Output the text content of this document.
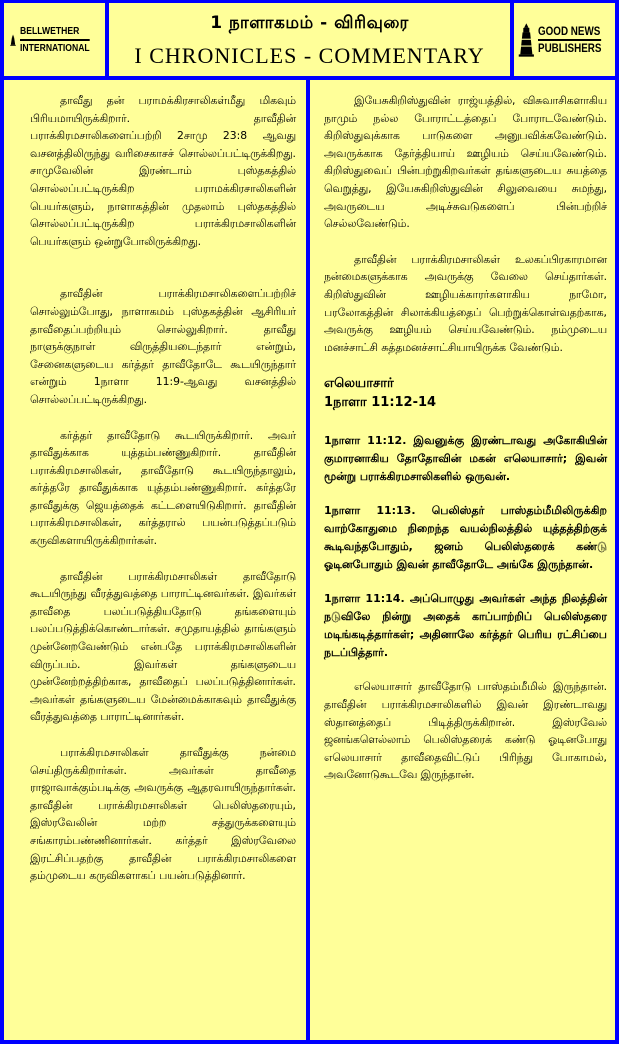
BELLWETHER
INTERNATIONAL
1 நாளாகமம் - விரிவுரை
I CHRONICLES - COMMENTARY
GOOD NEWS
PUBLISHERS

தாவீது தன் பராமக்கிரசாலிகள்மீது மிகவும் பிரியமாயிருக்கிறார். தாவீதின் பராக்கிரமசாலிகளைப்பற்றி 2சாமு 23:8 ஆவது வசனத்திலிருந்து வரிசைகாசச் சொல்லப்பட்டிருக்கிறது. சாமுவேலின் இரண்டாம் புஸ்தகத்தில் சொல்லப்பட்டிருக்கிற பராமக்கிரசாலிகளின் பெயர்களும், நாளாகத்தின் முதலாம் புஸ்தகத்தில் சொல்லப்பட்டிருக்கிற பராக்கிரமசாலிகளின் பெயர்களும் ஒன்றுபோலிருக்கிறது.

தாவீதின் பராக்கிரமசாலிகளைப்பற்றிச் சொல்லும்போது, நாளாகமம் புஸ்தகத்தின் ஆசிரியர் தாவீதைப்பற்றியும் சொல்லுகிறார். தாவீது நாளுக்குநாள் விருத்தியடைந்தார் என்றும், சேனைகளுடைய கர்த்தர் தாவீதோடே கூடயிருந்தார் என்றும் 1நாளா 11:9-ஆவது வசனத்தில் சொல்லப்பட்டிருக்கிறது.

கர்த்தர் தாவீதோடு கூடயிருக்கிறார். அவர் தாவீதுக்காக யுத்தம்பண்ணுகிறார். தாவீதின் பராக்கிரமசாலிகள், தாவீதோடு கூடயிருந்தாலும், கர்த்தரே தாவீதுக்காக யுத்தம்பண்ணுகிறார். கர்த்தரே தாவீதுக்கு ஜெயத்தைக் கட்டளையிடுகிறார். தாவீதின் பராக்கிரமசாலிகள், கர்த்தரால் பயன்படுத்தப்படும் கருவிகளாயிருக்கிறார்கள்.

தாவீதின் பராக்கிரமசாலிகள் தாவீதோடு கூடயிருந்து வீரத்துவத்தை பாராட்டினவர்கள். இவர்கள் தாவீதை பலப்படுத்தியதோடு தங்களையும் பலப்படுத்திக்கொண்டார்கள். சமுதாயத்தில் தாங்களும் முன்னேறவேண்டும் என்பதே பராக்கிரமசாலிகளின் விருப்பம். இவர்கள் தங்களுடைய முன்னேற்றத்திற்காக, தாவீதைப் பலப்படுத்தினார்கள். அவர்கள் தங்களுடைய மேன்மைக்காகவும் தாவீதுக்கு வீரத்துவத்தை பாராட்டினார்கள்.

பராக்கிரமசாலிகள் தாவீதுக்கு நன்மை செய்திருக்கிறார்கள். அவர்கள் தாவீதை ராஜாவாக்கும்படிக்கு அவருக்கு ஆதரவாயிருந்தார்கள். தாவீதின் பராக்கிரமசாலிகள் பெலிஸ்தரையும், இஸ்ரவேலின் மற்ற சத்துருக்களையும் சங்காரம்பண்ணினார்கள். கர்த்தர் இஸ்ரவேலை இரட்சிப்பதற்கு தாவீதின் பராக்கிரமசாலிகளை தம்முடைய கருவிகளாகப் பயன்படுத்தினார்.

இயேசுகிறிஸ்துவின் ராஜ்யத்தில், விசுவாசிகளாகிய நாமும் நல்ல போராட்டத்தைப் போராடவேண்டும். கிறிஸ்துவுக்காக பாடுகளை அனுபவிக்கவேண்டும். அவருக்காக தேர்த்தியாய் ஊழியம் செய்யவேண்டும். கிறிஸ்துவைப் பின்பற்றுகிறவர்கள் தங்களுடைய சுயத்தை வெறுத்து, இயேசுகிறிஸ்துவின் சிலுவையை சுமந்து, அவருடைய அடிச்சுவடுகளைப் பின்பற்றிச் செல்லவேண்டும்.

தாவீதின் பராக்கிரமசாலிகள் உலகப்பிரகாரமான நன்மைகளுக்காக அவருக்கு வேலை செய்தார்கள். கிறிஸ்துவின் ஊழியக்காரர்களாகிய நாமோ, பரலோகத்தின் சிலாக்கியத்தைப் பெற்றுக்கொள்வதற்காக, அவருக்கு ஊழியம் செய்யவேண்டும். நம்முடைய மனச்சாட்சி சுத்தமனச்சாட்சியாயிருக்க வேண்டும்.

எலெயாசார்
1நாளா 11:12-14

1நாளா 11:12. இவனுக்கு இரண்டாவது அகோகியின் குமாரனாகிய தோதோவின் மகன் எலெயாசார்; இவன் மூன்று பராக்கிரமசாலிகளில் ஒருவன்.

1நாளா 11:13. பெலிஸ்தர் பாஸ்தம்மீமிலிருக்கிற வாற்கோதுமை நிறைந்த வயல்நிலத்தில் யுத்தத்திற்குக் கூடிவந்தபோதும், ஜனம் பெலிஸ்தரைக் கண்டு ஓடினபோதும் இவன் தாவீதோடே அங்கே இருந்தான்.

1நாளா 11:14. அப்பொழுது அவர்கள் அந்த நிலத்தின் நடுவிலே நின்று அதைக் காப்பாற்றிப் பெலிஸ்தரை மடிங்கடித்தார்கள்; அதினாலே கர்த்தர் பெரிய ரட்சிப்பை நடப்பித்தார்.

எலெயாசார் தாவீதோடு பாஸ்தம்மீமில் இருந்தான். தாவீதின் பராக்கிரமசாலிகளில் இவன் இரண்டாவது ஸ்தானத்தைப் பிடித்திருக்கிறான். இஸ்ரவேல் ஜனங்களெல்லாம் பெலிஸ்தரைக் கண்டு ஓடினபோது எலெயாசார் தாவீதைவிட்டுப் பிரிந்து போகாமல், அவனோடுகூடவே இருந்தான்.
